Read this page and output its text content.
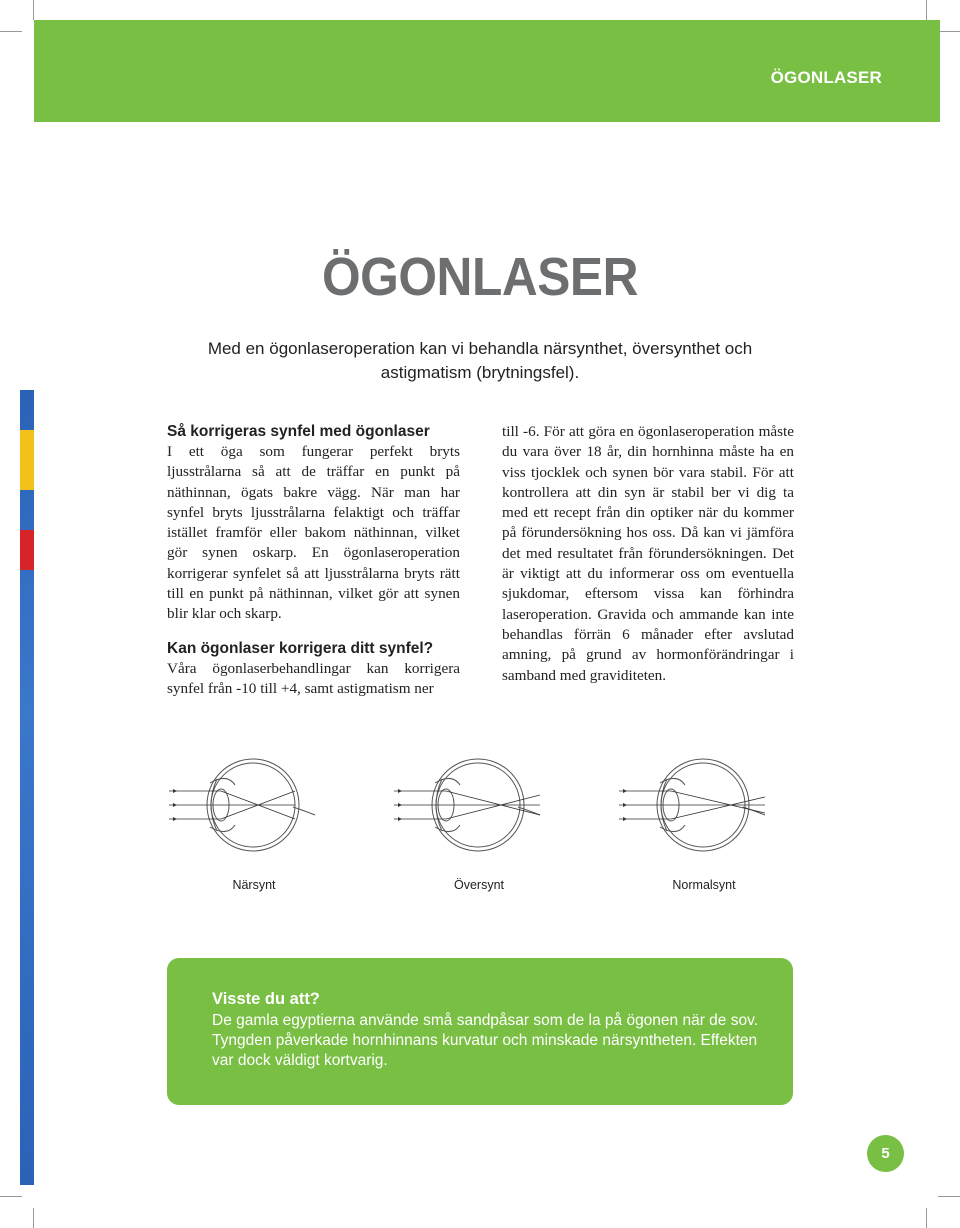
ÖGONLASER
ÖGONLASER
Med en ögonlaseroperation kan vi behandla närsynthet, översynthet och astigmatism (brytningsfel).
Så korrigeras synfel med ögonlaser
I ett öga som fungerar perfekt bryts ljusstrålarna så att de träffar en punkt på näthinnan, ögats bakre vägg. När man har synfel bryts ljusstrålarna felaktigt och träffar istället framför eller bakom näthinnan, vilket gör synen oskarp. En ögonlaseroperation korrigerar synfelet så att ljusstrålarna bryts rätt till en punkt på näthinnan, vilket gör att synen blir klar och skarp.
Kan ögonlaser korrigera ditt synfel?
Våra ögonlaserbehandlingar kan korrigera synfel från -10 till +4, samt astigmatism ner
till -6. För att göra en ögonlaseroperation måste du vara över 18 år, din hornhinna måste ha en viss tjocklek och synen bör vara stabil. För att kontrollera att din syn är stabil ber vi dig ta med ett recept från din optiker när du kommer på förundersökning hos oss. Då kan vi jämföra det med resultatet från förundersökningen. Det är viktigt att du informerar oss om eventuella sjukdomar, eftersom vissa kan förhindra laseroperation. Gravida och ammande kan inte behandlas förrän 6 månader efter avslutad amning, på grund av hormonförändringar i samband med graviditeten.
Närsynt	Översynt	Normalsynt
Visste du att?
De gamla egyptierna använde små sandpåsar som de la på ögonen när de sov. Tyngden påverkade hornhinnans kurvatur och minskade närsyntheten. Effekten var dock väldigt kortvarig.
5
